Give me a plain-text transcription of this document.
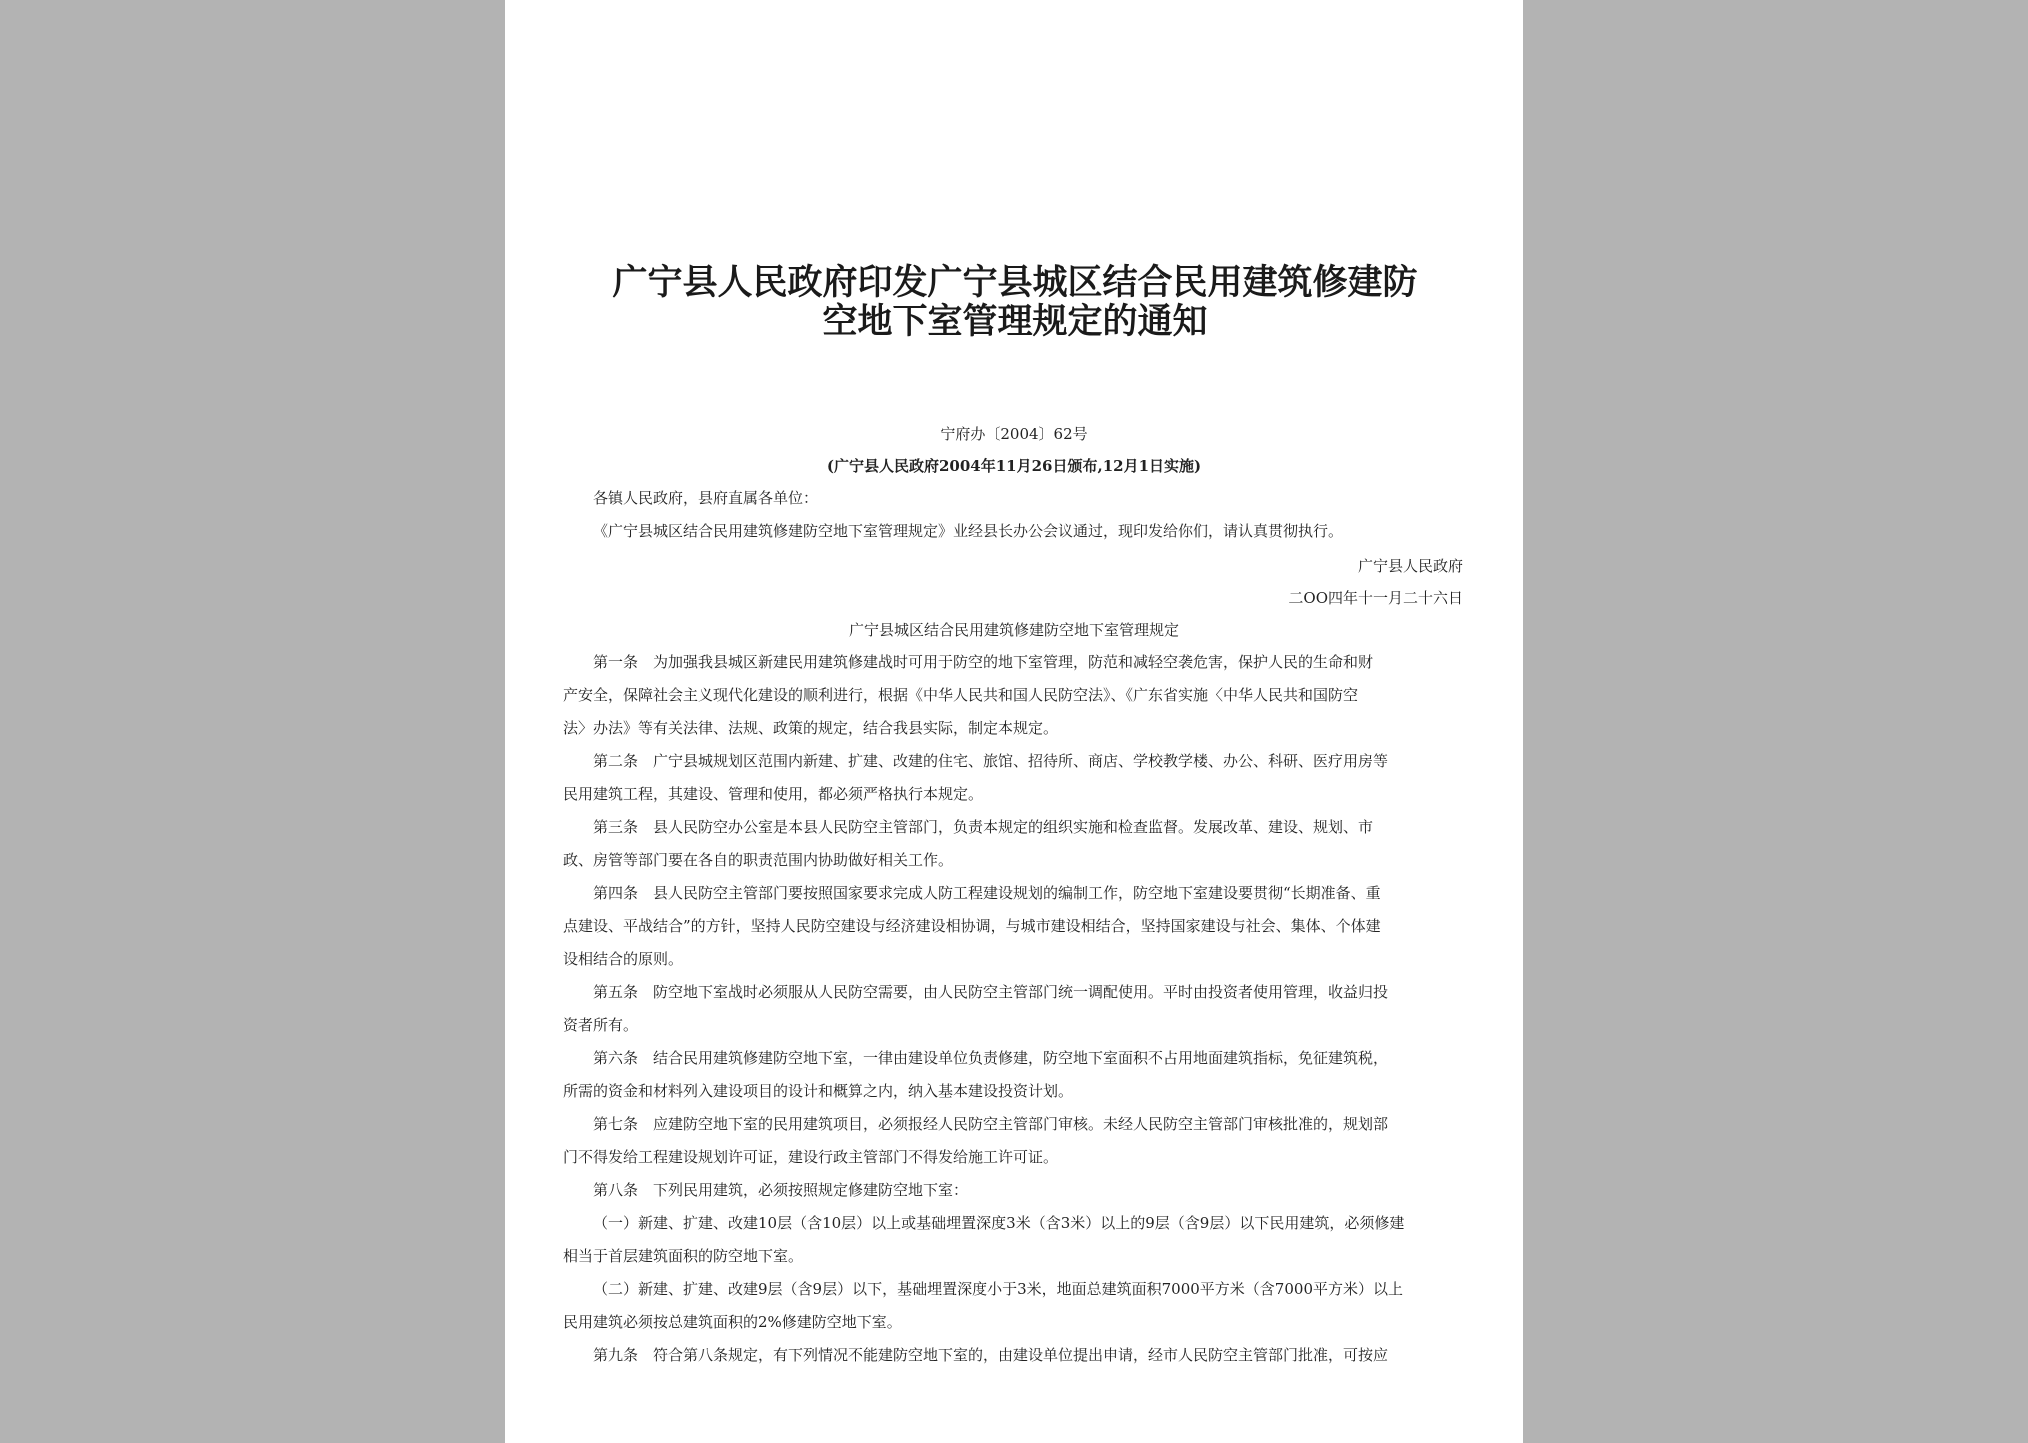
广宁县人民政府印发广宁县城区结合民用建筑修建防
空地下室管理规定的通知
宁府办〔2004〕62号
(广宁县人民政府2004年11月26日颁布,12月1日实施)
各镇人民政府，县府直属各单位：
《广宁县城区结合民用建筑修建防空地下室管理规定》业经县长办公会议通过，现印发给你们，请认真贯彻执行。
广宁县人民政府
二OO四年十一月二十六日
广宁县城区结合民用建筑修建防空地下室管理规定
第一条　为加强我县城区新建民用建筑修建战时可用于防空的地下室管理，防范和减轻空袭危害，保护人民的生命和财
产安全，保障社会主义现代化建设的顺利进行，根据《中华人民共和国人民防空法》、《广东省实施〈中华人民共和国防空
法〉办法》等有关法律、法规、政策的规定，结合我县实际，制定本规定。
第二条　广宁县城规划区范围内新建、扩建、改建的住宅、旅馆、招待所、商店、学校教学楼、办公、科研、医疗用房等
民用建筑工程，其建设、管理和使用，都必须严格执行本规定。
第三条　县人民防空办公室是本县人民防空主管部门，负责本规定的组织实施和检查监督。发展改革、建设、规划、市
政、房管等部门要在各自的职责范围内协助做好相关工作。
第四条　县人民防空主管部门要按照国家要求完成人防工程建设规划的编制工作，防空地下室建设要贯彻“长期准备、重
点建设、平战结合”的方针，坚持人民防空建设与经济建设相协调，与城市建设相结合，坚持国家建设与社会、集体、个体建
设相结合的原则。
第五条　防空地下室战时必须服从人民防空需要，由人民防空主管部门统一调配使用。平时由投资者使用管理，收益归投
资者所有。
第六条　结合民用建筑修建防空地下室，一律由建设单位负责修建，防空地下室面积不占用地面建筑指标，免征建筑税，
所需的资金和材料列入建设项目的设计和概算之内，纳入基本建设投资计划。
第七条　应建防空地下室的民用建筑项目，必须报经人民防空主管部门审核。未经人民防空主管部门审核批准的，规划部
门不得发给工程建设规划许可证，建设行政主管部门不得发给施工许可证。
第八条　下列民用建筑，必须按照规定修建防空地下室：
（一）新建、扩建、改建10层（含10层）以上或基础埋置深度3米（含3米）以上的9层（含9层）以下民用建筑，必须修建
相当于首层建筑面积的防空地下室。
（二）新建、扩建、改建9层（含9层）以下，基础埋置深度小于3米，地面总建筑面积7000平方米（含7000平方米）以上
民用建筑必须按总建筑面积的2%修建防空地下室。
第九条　符合第八条规定，有下列情况不能建防空地下室的，由建设单位提出申请，经市人民防空主管部门批准，可按应
